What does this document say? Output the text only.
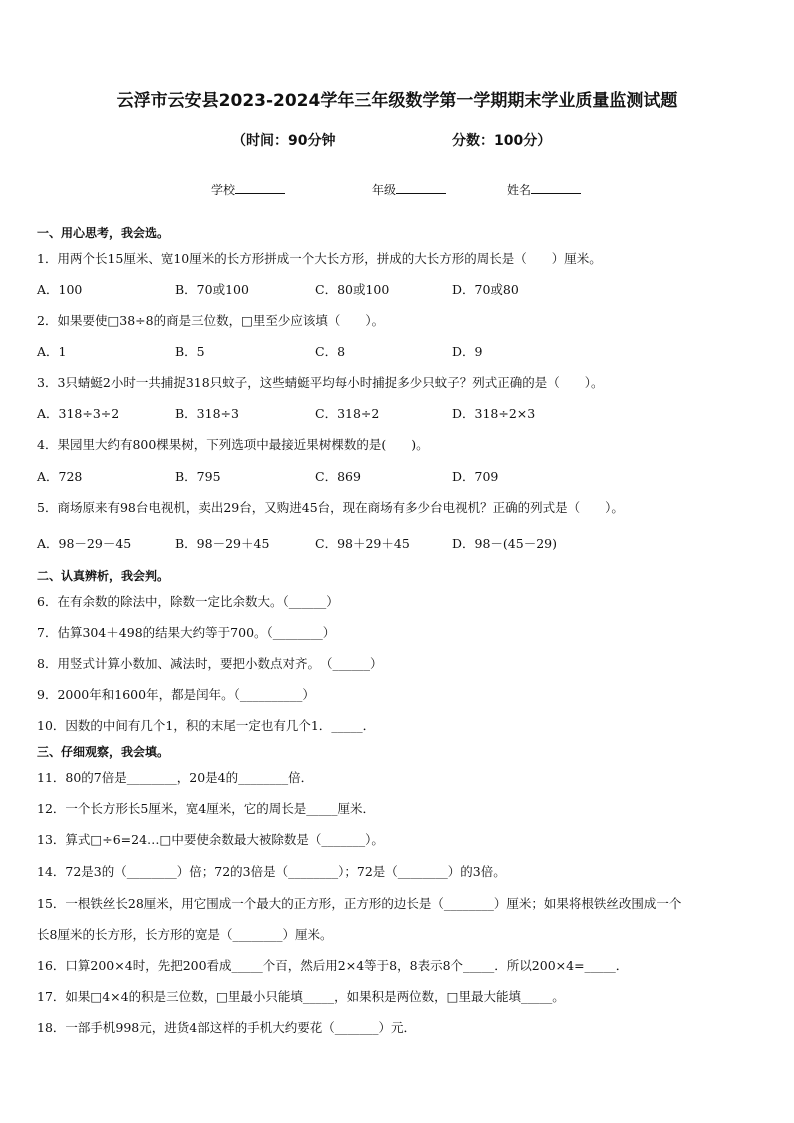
云浮市云安县2023-2024学年三年级数学第一学期期末学业质量监测试题
（时间：90分钟	分数：100分）
学校	年级	姓名
一、用心思考，我会选。
1．用两个长15厘米、宽10厘米的长方形拼成一个大长方形，拼成的大长方形的周长是（　　）厘米。
A．100	B．70或100	C．80或100	D．70或80
2．如果要使□38÷8的商是三位数，□里至少应该填（　　）。
A．1	B．5	C．8	D．9
3．3只蜻蜓2小时一共捕捉318只蚊子，这些蜻蜓平均每小时捕捉多少只蚊子？列式正确的是（　　）。
A．318÷3÷2	B．318÷3	C．318÷2	D．318÷2×3
4．果园里大约有800棵果树，下列选项中最接近果树棵数的是(　　)。
A．728	B．795	C．869	D．709
5．商场原来有98台电视机，卖出29台，又购进45台，现在商场有多少台电视机？正确的列式是（　　）。
A．98－29－45	B．98－29＋45	C．98＋29＋45	D．98－(45－29)
二、认真辨析，我会判。
6．在有余数的除法中，除数一定比余数大。（______）
7．估算304＋498的结果大约等于700。（________）
8．用竖式计算小数加、减法时，要把小数点对齐。　（______）
9．2000年和1600年，都是闰年。（__________）
10．因数的中间有几个1，积的末尾一定也有几个1．_____．
三、仔细观察，我会填。
11．80的7倍是________，20是4的________倍．
12．一个长方形长5厘米，宽4厘米，它的周长是_____厘米．
13．算式□÷6=24…□中要使余数最大被除数是（_______）。
14．72是3的（________）倍；72的3倍是（________）；72是（________）的3倍。
15．一根铁丝长28厘米，用它围成一个最大的正方形，正方形的边长是（________）厘米；如果将根铁丝改围成一个
长8厘米的长方形，长方形的宽是（________）厘米。
16．口算200×4时，先把200看成_____个百，然后用2×4等于8，8表示8个_____．所以200×4=_____．
17．如果□4×4的积是三位数，□里最小只能填_____，如果积是两位数，□里最大能填_____。
18．一部手机998元，进货4部这样的手机大约要花（_______）元．
